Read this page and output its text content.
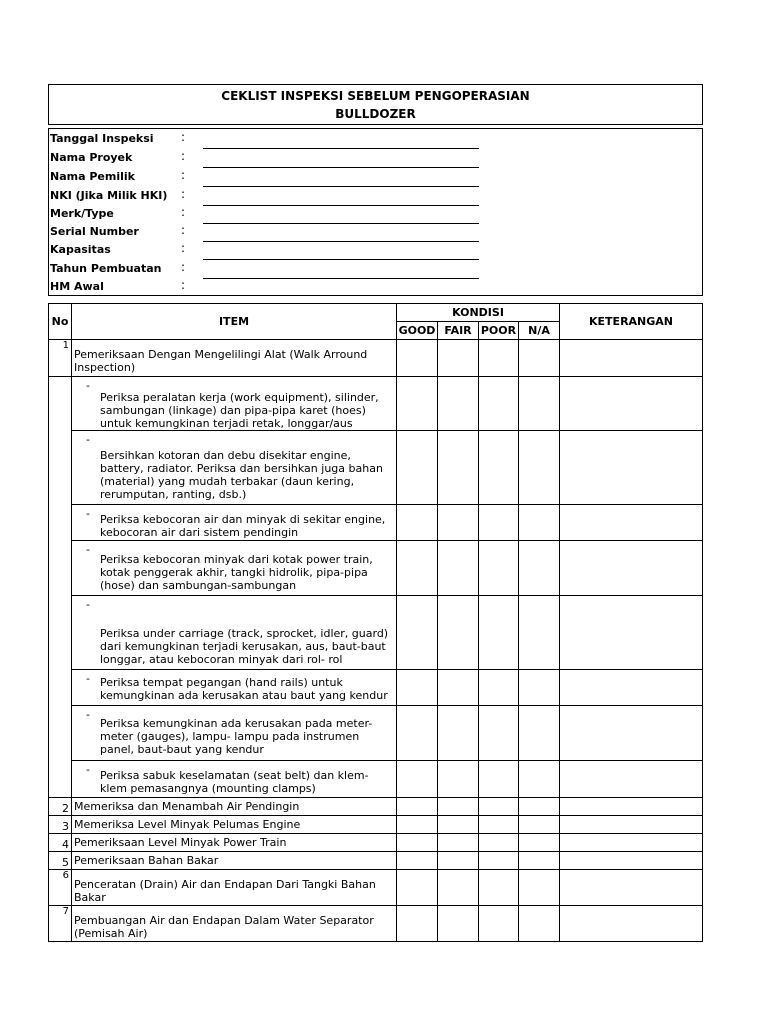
CEKLIST INSPEKSI SEBELUM PENGOPERASIAN
BULLDOZER
Tanggal Inspeksi :
Nama Proyek	:
Nama Pemilik	:
NKI (Jika Milik HKI) :
Merk/Type	:
Serial Number	:
Kapasitas	:
Tahun Pembuatan :
HM Awal	:
No	ITEM	KONDISI				KETERANGAN
		GOOD	FAIR	POOR	N/A	
$^1$	Pemeriksaan Dengan Mengelilingi Alat (Walk Arround Inspection)					

	-
Periksa peralatan kerja (work equipment), silinder, sambungan (linkage) dan pipa-pipa karet (hoes) untuk kemungkinan terjadi retak, longgar/aus					

	-
Bersihkan kotoran dan debu disekitar engine, battery, radiator. Periksa dan bersihkan juga bahan (material) yang mudah terbakar (daun kering, rerumputan, ranting, dsb.)					

	- Periksa kebocoran air dan minyak di sekitar engine, kebocoran air dari sistem pendingin					

	-
Periksa kebocoran minyak dari kotak power train, kotak penggerak akhir, tangki hidrolik, pipa-pipa (hose) dan sambungan-sambungan					

	-
Periksa under carriage (track, sprocket, idler, guard) dari kemungkinan terjadi kerusakan, aus, baut-baut longgar, atau kebocoran minyak dari rol- rol					

	- Periksa tempat pegangan (hand rails) untuk kemungkinan ada kerusakan atau baut yang kendur					

	-
Periksa kemungkinan ada kerusakan pada meter-meter (gauges), lampu- lampu pada instrumen panel, baut-baut yang kendur					

	- Periksa sabuk keselamatan (seat belt) dan klem-klem pemasangnya (mounting clamps)					

2	Memeriksa dan Menambah Air Pendingin					
3	Memeriksa Level Minyak Pelumas Engine					
4	Pemeriksaan Level Minyak Power Train					
5	Pemeriksaan Bahan Bakar					
$^6$	Penceratan (Drain) Air dan Endapan Dari Tangki Bahan Bakar					
$^7$	Pembuangan Air dan Endapan Dalam Water Separator (Pemisah Air)					
